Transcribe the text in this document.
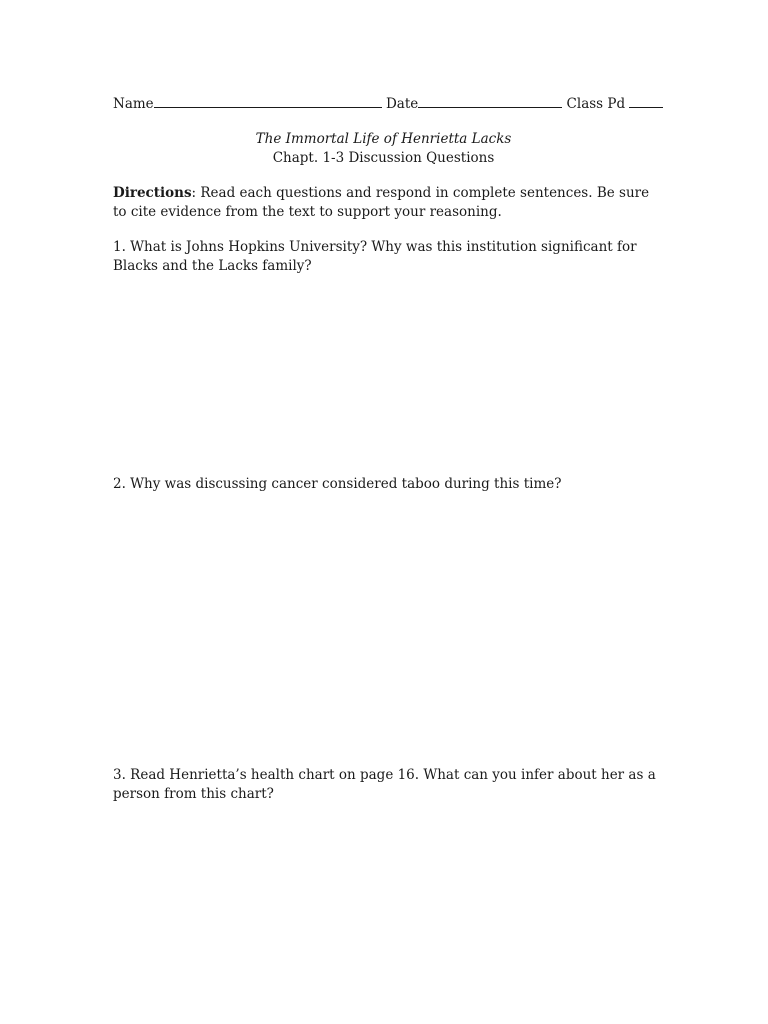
Name	Date	Class Pd
The Immortal Life of Henrietta Lacks
Chapt. 1-3 Discussion Questions
Directions: Read each questions and respond in complete sentences. Be sure to cite evidence from the text to support your reasoning.
1. What is Johns Hopkins University? Why was this institution significant for Blacks and the Lacks family?
2. Why was discussing cancer considered taboo during this time?
3. Read Henrietta’s health chart on page 16. What can you infer about her as a person from this chart?
